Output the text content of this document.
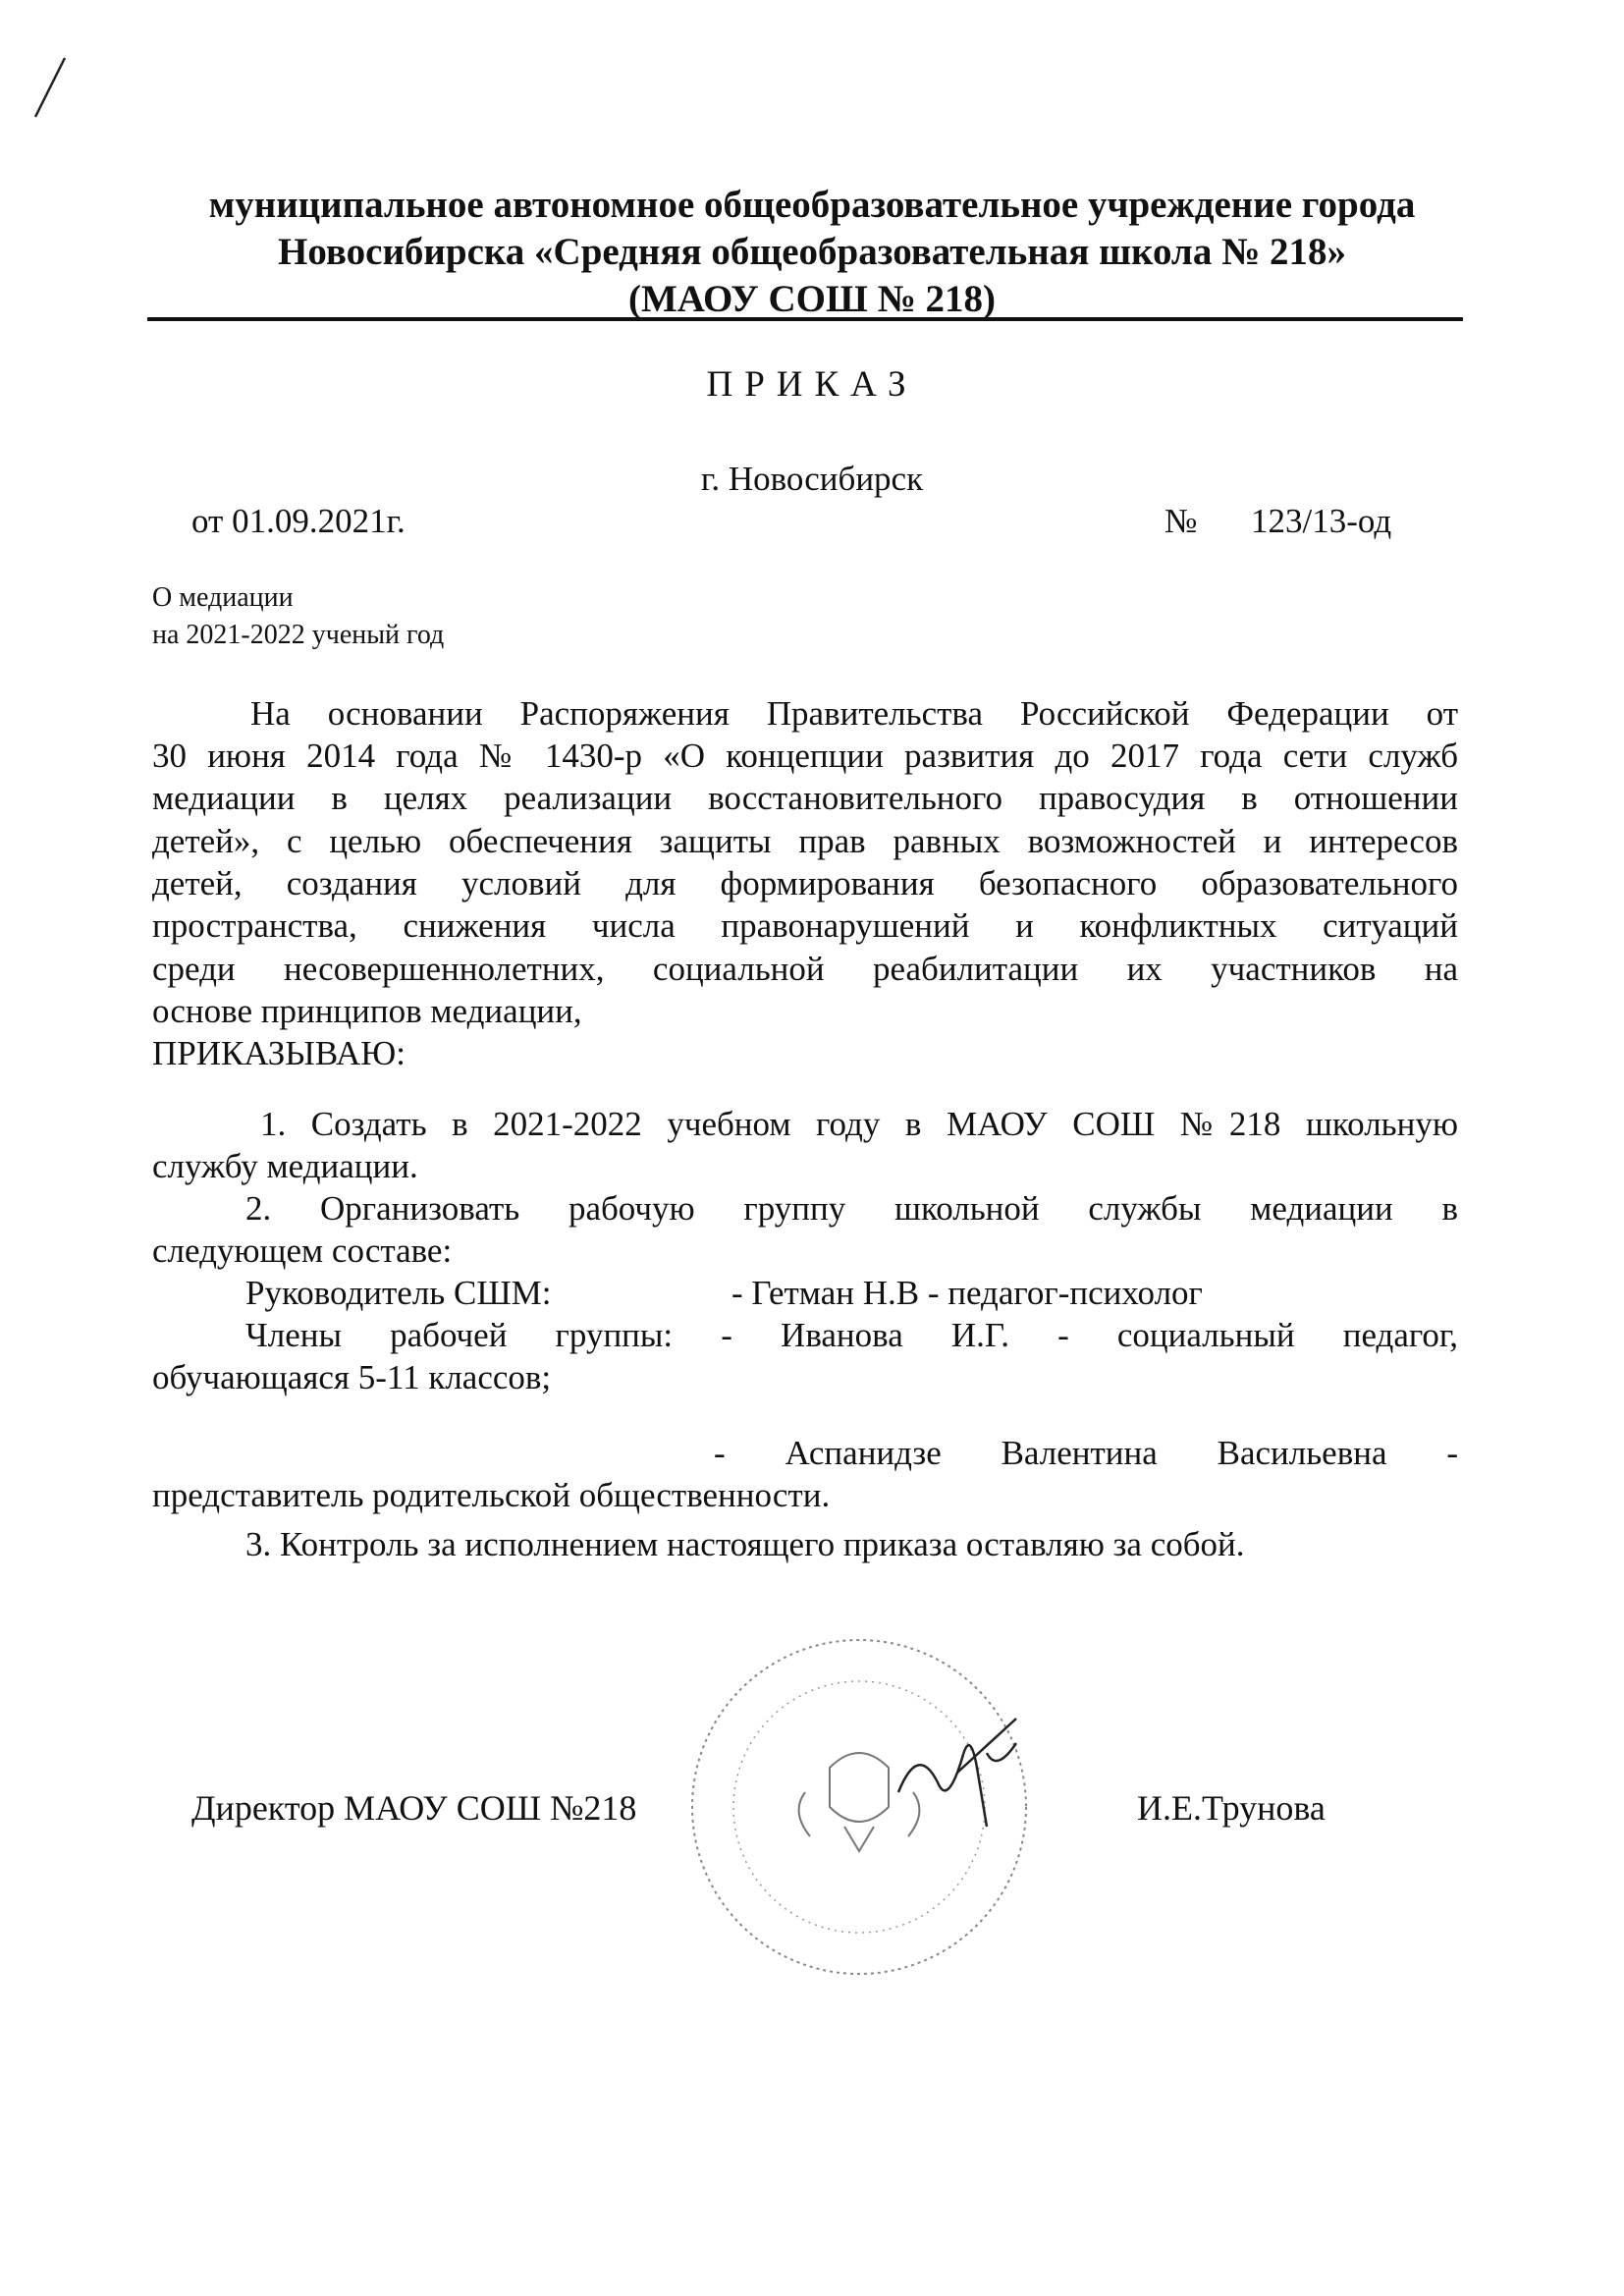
муниципальное автономное общеобразовательное учреждение города
Новосибирска «Средняя общеобразовательная школа № 218»
(МАОУ СОШ № 218)
ПРИКАЗ
г. Новосибирск
от 01.09.2021г.	№ 123/13-од
О медиации
на 2021-2022 ученый год
На основании Распоряжения Правительства Российской Федерации от
30 июня 2014 года № 1430-р «О концепции развития до 2017 года сети служб
медиации в целях реализации восстановительного правосудия в отношении
детей», с целью обеспечения защиты прав равных возможностей и интересов
детей, создания условий для формирования безопасного образовательного
пространства, снижения числа правонарушений и конфликтных ситуаций
среди несовершеннолетних, социальной реабилитации их участников на
основе принципов медиации,
ПРИКАЗЫВАЮ:
1. Создать в 2021-2022 учебном году в МАОУ СОШ №218 школьную
службу медиации.
2. Организовать рабочую группу школьной службы медиации в
следующем составе:
Руководитель СШМ:	- Гетман Н.В - педагог-психолог
Члены рабочей группы: - Иванова И.Г. - социальный педагог,
обучающаяся 5-11 классов;
- Аспанидзе Валентина Васильевна -
представитель родительской общественности.
3. Контроль за исполнением настоящего приказа оставляю за собой.
Директор МАОУ СОШ №218	И.Е.Трунова
